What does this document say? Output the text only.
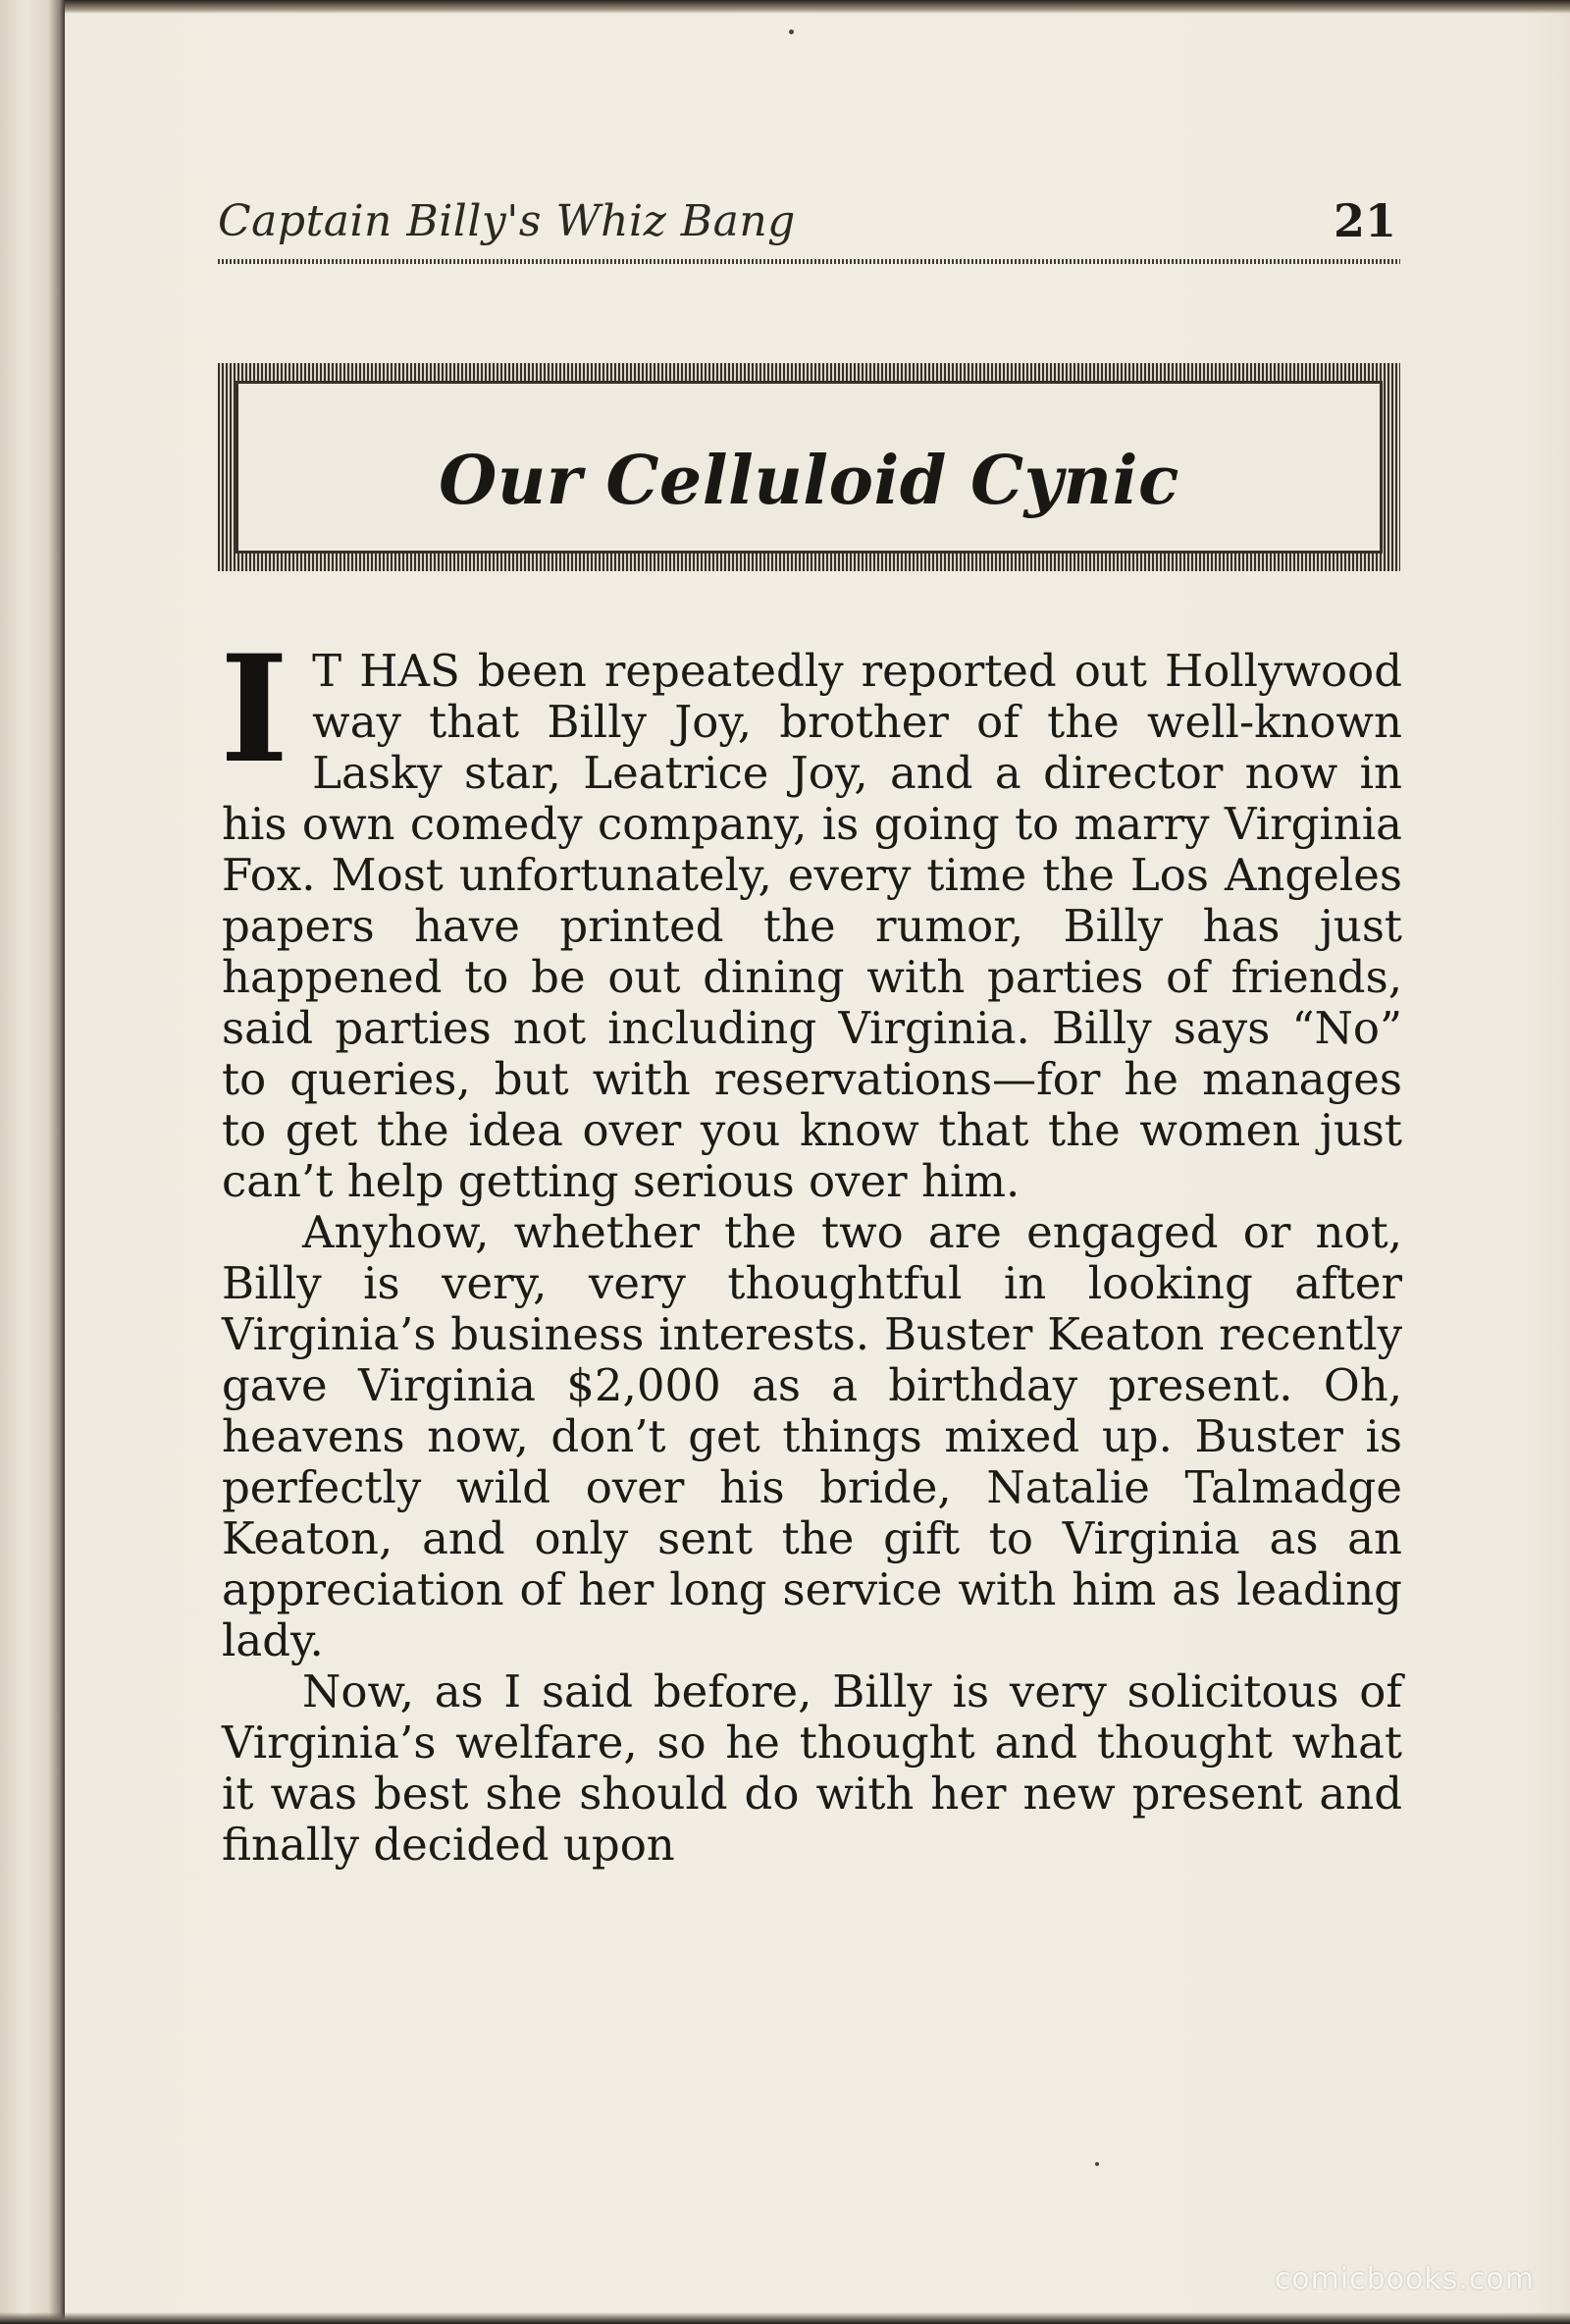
Captain Billy's Whiz Bang	21
Our Celluloid Cynic

I T HAS been repeatedly reported out Hollywood way that Billy Joy, brother of the well-known Lasky star, Leatrice Joy, and a director now in his own comedy company, is going to marry Virginia Fox. Most unfortunately, every time the Los Angeles papers have printed the rumor, Billy has just happened to be out dining with parties of friends, said parties not including Virginia. Billy says “No” to queries, but with reservations—for he manages to get the idea over you know that the women just can’t help getting serious over him.

Anyhow, whether the two are engaged or not, Billy is very, very thoughtful in looking after Virginia’s business interests. Buster Keaton recently gave Virginia $2,000 as a birthday present. Oh, heavens now, don’t get things mixed up. Buster is perfectly wild over his bride, Natalie Talmadge Keaton, and only sent the gift to Virginia as an appreciation of her long service with him as leading lady.

Now, as I said before, Billy is very solicitous of Virginia’s welfare, so he thought and thought what it was best she should do with her new present and finally decided upon

comicbooks.com
